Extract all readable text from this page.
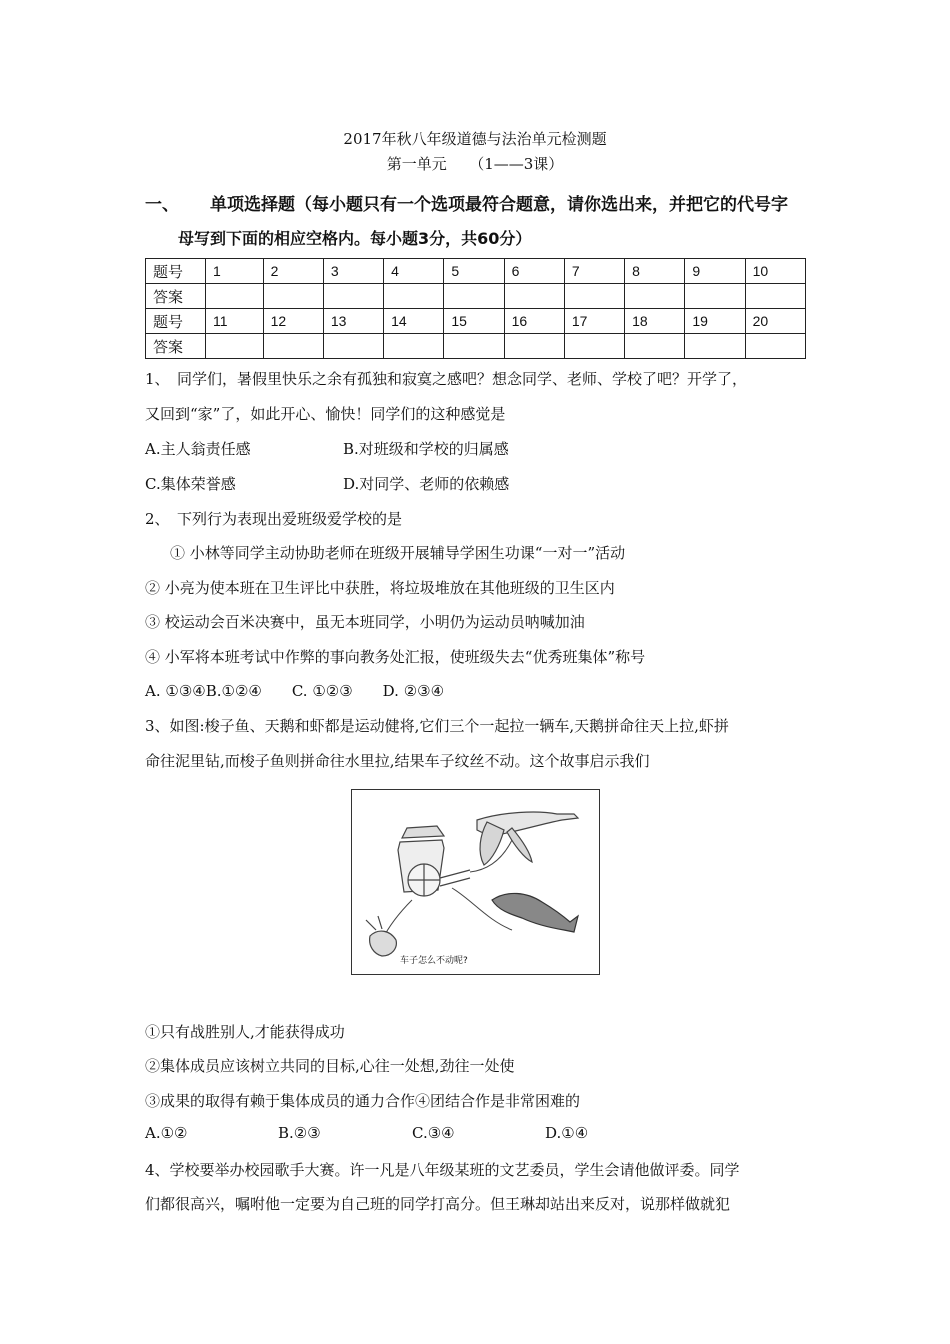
2017年秋八年级道德与法治单元检测题
第一单元　　（1——3课）
一、 单项选择题（每小题只有一个选项最符合题意，请你选出来，并把它的代号字
母写到下面的相应空格内。每小题3分，共60分）
题号	1	2	3	4	5	6	7	8	9	10
答案										
题号	11	12	13	14	15	16	17	18	19	20
答案										
1、　同学们，暑假里快乐之余有孤独和寂寞之感吧？想念同学、老师、学校了吧？开学了，
又回到“家”了，如此开心、愉快！同学们的这种感觉是
A.主人翁责任感	B.对班级和学校的归属感
C.集体荣誉感	D.对同学、老师的依赖感
2、　下列行为表现出爱班级爱学校的是
① 小林等同学主动协助老师在班级开展辅导学困生功课“一对一”活动
② 小亮为使本班在卫生评比中获胜，将垃圾堆放在其他班级的卫生区内
③ 校运动会百米决赛中，虽无本班同学，小明仍为运动员呐喊加油
④ 小军将本班考试中作弊的事向教务处汇报，使班级失去“优秀班集体”称号
A. ①③④B.①②④　　C. ①②③　　D. ②③④
3、如图:梭子鱼、天鹅和虾都是运动健将,它们三个一起拉一辆车,天鹅拼命往天上拉,虾拼
命往泥里钻,而梭子鱼则拼命往水里拉,结果车子纹丝不动。这个故事启示我们
车子怎么不动呢?
①只有战胜别人,才能获得成功
②集体成员应该树立共同的目标,心往一处想,劲往一处使
③成果的取得有赖于集体成员的通力合作④团结合作是非常困难的
A.①②	B.②③	C.③④	D.①④
4、学校要举办校园歌手大赛。许一凡是八年级某班的文艺委员，学生会请他做评委。同学
们都很高兴，嘱咐他一定要为自己班的同学打高分。但王琳却站出来反对，说那样做就犯
